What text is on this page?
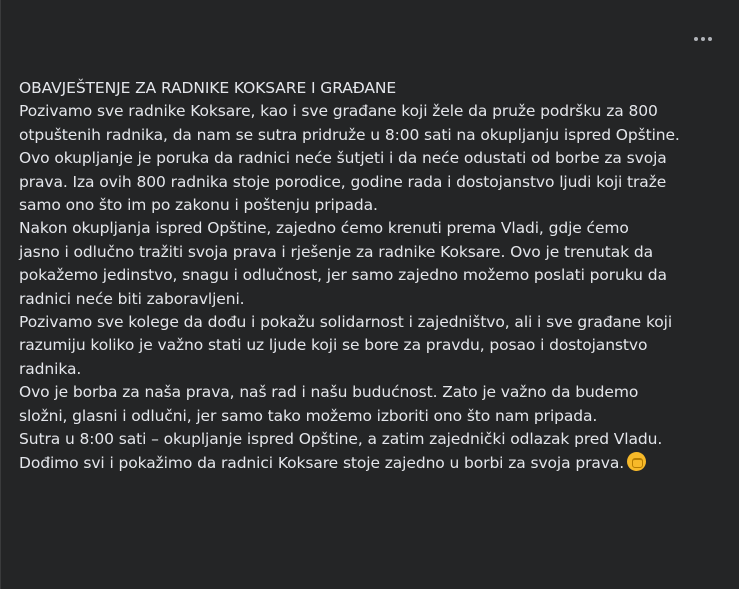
OBAVJEŠTENJE ZA RADNIKE KOKSARE I GRAĐANE
Pozivamo sve radnike Koksare, kao i sve građane koji žele da pruže podršku za 800
otpuštenih radnika, da nam se sutra pridruže u 8:00 sati na okupljanju ispred Opštine.
Ovo okupljanje je poruka da radnici neće šutjeti i da neće odustati od borbe za svoja
prava. Iza ovih 800 radnika stoje porodice, godine rada i dostojanstvo ljudi koji traže
samo ono što im po zakonu i poštenju pripada.
Nakon okupljanja ispred Opštine, zajedno ćemo krenuti prema Vladi, gdje ćemo
jasno i odlučno tražiti svoja prava i rješenje za radnike Koksare. Ovo je trenutak da
pokažemo jedinstvo, snagu i odlučnost, jer samo zajedno možemo poslati poruku da
radnici neće biti zaboravljeni.
Pozivamo sve kolege da dođu i pokažu solidarnost i zajedništvo, ali i sve građane koji
razumiju koliko je važno stati uz ljude koji se bore za pravdu, posao i dostojanstvo
radnika.
Ovo je borba za naša prava, naš rad i našu budućnost. Zato je važno da budemo
složni, glasni i odlučni, jer samo tako možemo izboriti ono što nam pripada.
Sutra u 8:00 sati – okupljanje ispred Opštine, a zatim zajednički odlazak pred Vladu.
Dođimo svi i pokažimo da radnici Koksare stoje zajedno u borbi za svoja prava.
